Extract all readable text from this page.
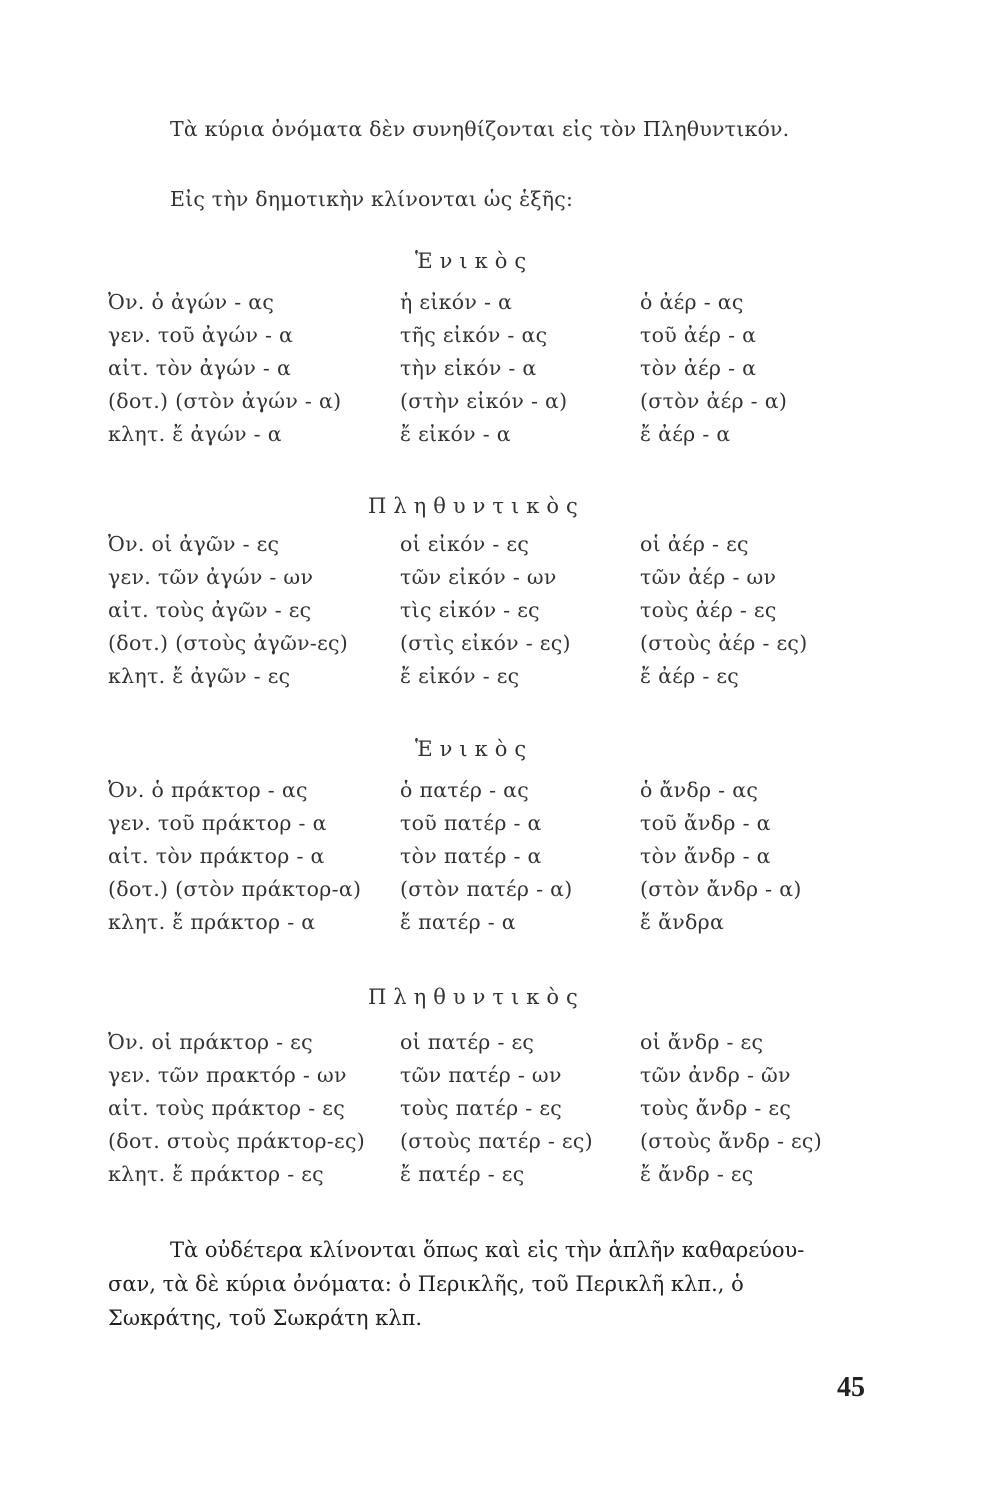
Τὰ κύρια ὀνόματα δὲν συνηθίζονται εἰς τὸν Πληθυντικόν.
Εἰς τὴν δημοτικὴν κλίνονται ὡς ἑξῆς:
Ἑνικὸς
Ὀν. ὁ ἀγών - ας	ἡ εἰκόν - α	ὁ ἀέρ - ας
γεν. τοῦ ἀγών - α	τῆς εἰκόν - ας	τοῦ ἀέρ - α
αἰτ. τὸν ἀγών - α	τὴν εἰκόν - α	τὸν ἀέρ - α
(δοτ.) (στὸν ἀγών - α)	(στὴν εἰκόν - α)	(στὸν ἀέρ - α)
κλητ. ἔ ἀγών - α	ἔ εἰκόν - α	ἔ ἀέρ - α
Πληθυντικὸς
Ὀν. οἱ ἀγῶν - ες	οἱ εἰκόν - ες	οἱ ἀέρ - ες
γεν. τῶν ἀγών - ων	τῶν εἰκόν - ων	τῶν ἀέρ - ων
αἰτ. τοὺς ἀγῶν - ες	τὶς εἰκόν - ες	τοὺς ἀέρ - ες
(δοτ.) (στοὺς ἀγῶν-ες)	(στὶς εἰκόν - ες)	(στοὺς ἀέρ - ες)
κλητ. ἔ ἀγῶν - ες	ἔ εἰκόν - ες	ἔ ἀέρ - ες
Ἑνικὸς
Ὀν. ὁ πράκτορ - ας	ὁ πατέρ - ας	ὁ ἄνδρ - ας
γεν. τοῦ πράκτορ - α	τοῦ πατέρ - α	τοῦ ἄνδρ - α
αἰτ. τὸν πράκτορ - α	τὸν πατέρ - α	τὸν ἄνδρ - α
(δοτ.) (στὸν πράκτορ-α) (στὸν πατέρ - α)	(στὸν ἄνδρ - α)
κλητ. ἔ πράκτορ - α	ἔ πατέρ - α	ἔ ἄνδρα
Πληθυντικὸς
Ὀν. οἱ πράκτορ - ες	οἱ πατέρ - ες	οἱ ἄνδρ - ες
γεν. τῶν πρακτόρ - ων	τῶν πατέρ - ων	τῶν ἀνδρ - ῶν
αἰτ. τοὺς πράκτορ - ες	τοὺς πατέρ - ες	τοὺς ἄνδρ - ες
(δοτ. στοὺς πράκτορ-ες) (στοὺς πατέρ - ες) (στοὺς ἄνδρ - ες)
κλητ. ἔ πράκτορ - ες	ἔ πατέρ - ες	ἔ ἄνδρ - ες
Τὰ οὐδέτερα κλίνονται ὅπως καὶ εἰς τὴν ἁπλῆν καθαρεύου-
σαν, τὰ δὲ κύρια ὀνόματα: ὁ Περικλῆς, τοῦ Περικλῆ κλπ., ὁ
Σωκράτης, τοῦ Σωκράτη κλπ.
45
